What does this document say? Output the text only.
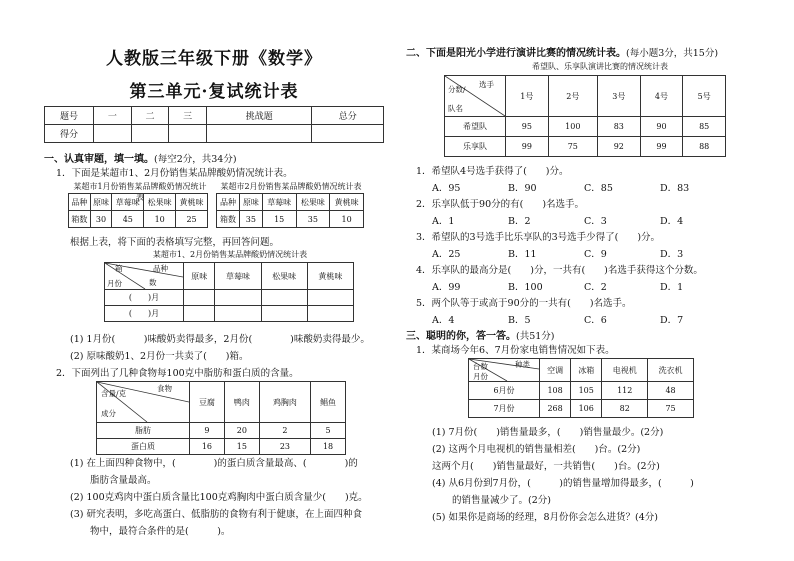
人教版三年级下册《数学》
第三单元·复试统计表
题号	一	二	三	挑战题	总分
得分					
一、认真审题，填一填。(每空2分，共34分)
1．下面是某超市1、2月份销售某品牌酸奶情况统计表。
某超市1月份销售某品牌酸奶情况统计表
某超市2月份销售某品牌酸奶情况统计表
品种	原味	草莓味	松果味	黄桃味
箱数	30	45	10	25
品种	原味	草莓味	松果味	黄桃味
箱数	35	15	35	10
根据上表，将下面的表格填写完整，再回答问题。
某超市1、2月份销售某品牌酸奶情况统计表
品种
箱
数
月份	原味	草莓味	松果味	黄桃味
(　　)月				
(　　)月				
(1) 1月份(　　　)味酸奶卖得最多，2月份(　　　　)味酸奶卖得最少。
(2) 原味酸奶1、2月份一共卖了(　　)箱。
2．下面列出了几种食物每100克中脂肪和蛋白质的含量。
食物
含量/克
成分	豆腐	鸭肉	鸡胸肉	鲳鱼
脂肪	9	20	2	5
蛋白质	16	15	23	18
(1) 在上面四种食物中，(　　　　)的蛋白质含量最高、(　　　　)的
脂肪含量最高。
(2) 100克鸡肉中蛋白质含量比100克鸡胸肉中蛋白质含量少(　　)克。
(3) 研究表明，多吃高蛋白、低脂肪的食物有利于健康，在上面四种食
物中，最符合条件的是(　　　)。
二、下面是阳光小学进行演讲比赛的情况统计表。(每小题3分，共15分)
希望队、乐享队演讲比赛的情况统计表
选手
分数/
队名	1号	2号	3号	4号	5号
希望队	95	100	83	90	85
乐享队	99	75	92	99	88
1．希望队4号选手获得了(　　)分。
A．95	B．90	C．85	D．83
2．乐享队低于90分的有(　　)名选手。
A．1	B．2	C．3	D．4
3．希望队的3号选手比乐享队的3号选手少得了(　　)分。
A．25	B．11	C．9	D．3
4．乐享队的最高分是(　　)分，一共有(　　)名选手获得这个分数。
A．99	B．100	C．2	D．1
5．两个队等于或高于90分的一共有(　　)名选手。
A．4	B．5	C．6	D．7
三、聪明的你，答一答。(共51分)
1．某商场今年6、7月份家电销售情况如下表。
种类
台数
月份	空调	冰箱	电视机	洗衣机
6月份	108	105	112	48
7月份	268	106	82	75
(1) 7月份(　　)销售量最多，(　　)销售量最少。(2分)
(2) 这两个月电视机的销售量相差(　　)台。(2分)
这两个月(　　)销售量最好，一共销售(　　)台。(2分)
(4) 从6月份到7月份，(　　　)的销售量增加得最多，(　　　)
的销售量减少了。(2分)
(5) 如果你是商场的经理，8月份你会怎么进货？(4分)
